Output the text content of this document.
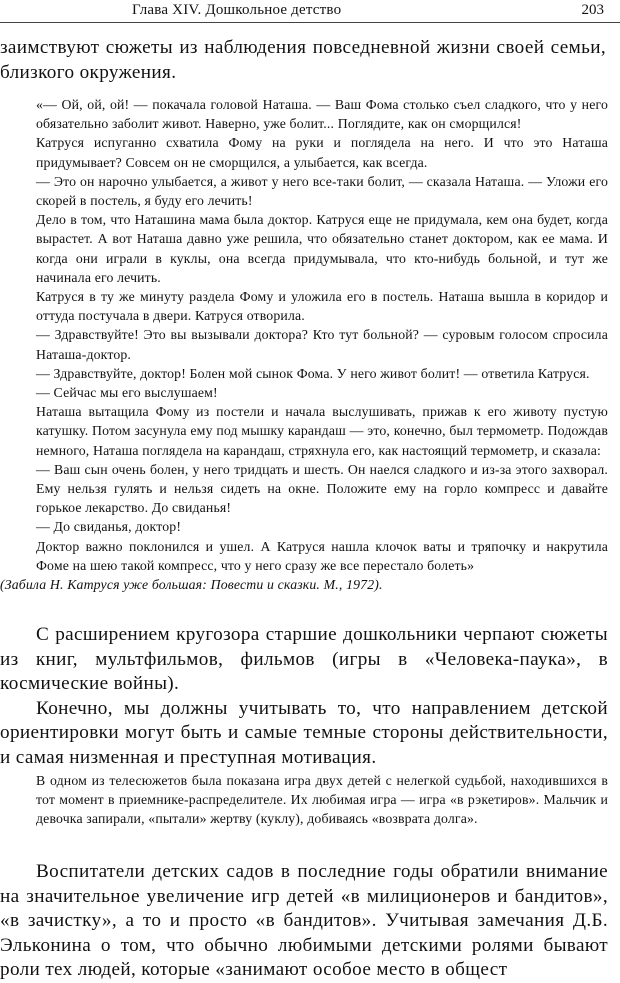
Глава XIV. Дошкольное детство	203

заимствуют сюжеты из наблюдения повседневной жизни своей семьи, близкого окружения.

«— Ой, ой, ой! — покачала головой Наташа. — Ваш Фома столько съел сладкого, что у него обязательно заболит живот. Наверно, уже болит... Поглядите, как он сморщился!

Катруся испуганно схватила Фому на руки и поглядела на него. И что это Наташа придумывает? Совсем он не сморщился, а улыбается, как всегда.

— Это он нарочно улыбается, а живот у него все-таки болит, — сказала Наташа. — Уложи его скорей в постель, я буду его лечить!

Дело в том, что Наташина мама была доктор. Катруся еще не придумала, кем она будет, когда вырастет. А вот Наташа давно уже решила, что обязательно станет доктором, как ее мама. И когда они играли в куклы, она всегда придумывала, что кто-нибудь больной, и тут же начинала его лечить.

Катруся в ту же минуту раздела Фому и уложила его в постель. Наташа вышла в коридор и оттуда постучала в двери. Катруся отворила.

— Здравствуйте! Это вы вызывали доктора? Кто тут больной? — суровым голосом спросила Наташа-доктор.

— Здравствуйте, доктор! Болен мой сынок Фома. У него живот болит! — ответила Катруся.

— Сейчас мы его выслушаем!

Наташа вытащила Фому из постели и начала выслушивать, прижав к его животу пустую катушку. Потом засунула ему под мышку карандаш — это, конечно, был термометр. Подождав немного, Наташа поглядела на карандаш, стряхнула его, как настоящий термометр, и сказала:

— Ваш сын очень болен, у него тридцать и шесть. Он наелся сладкого и из-за этого захворал. Ему нельзя гулять и нельзя сидеть на окне. Положите ему на горло компресс и давайте горькое лекарство. До свиданья!

— До свиданья, доктор!

Доктор важно поклонился и ушел. А Катруся нашла клочок ваты и тряпочку и накрутила Фоме на шею такой компресс, что у него сразу же все перестало болеть»

(Забила Н. Катруся уже большая: Повести и сказки. М., 1972).

С расширением кругозора старшие дошкольники черпают сюжеты из книг, мультфильмов, фильмов (игры в «Человека-паука», в космические войны).

Конечно, мы должны учитывать то, что направлением детской ориентировки могут быть и самые темные стороны действительности, и самая низменная и преступная мотивация.

В одном из телесюжетов была показана игра двух детей с нелегкой судьбой, находившихся в тот момент в приемнике-распределителе. Их любимая игра — игра «в рэкетиров». Мальчик и девочка запирали, «пытали» жертву (куклу), добиваясь «возврата долга».

Воспитатели детских садов в последние годы обратили внимание на значительное увеличение игр детей «в милиционеров и бандитов», «в зачистку», а то и просто «в бандитов». Учитывая замечания Д.Б. Эльконина о том, что обычно любимыми детскими ролями бывают роли тех людей, которые «занимают особое место в общест
